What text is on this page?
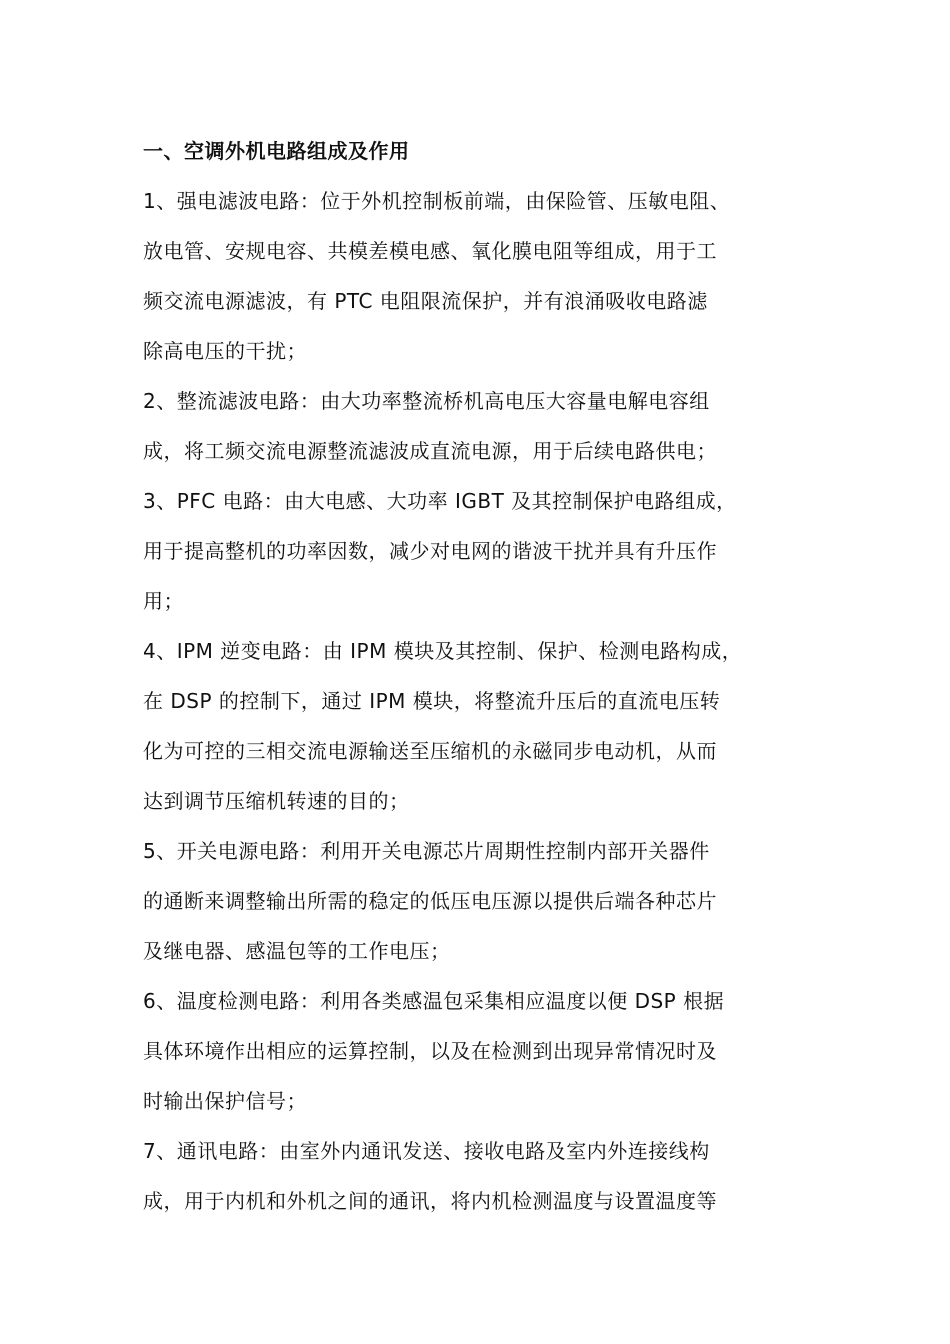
一、空调外机电路组成及作用
1、强电滤波电路：位于外机控制板前端，由保险管、压敏电阻、
放电管、安规电容、共模差模电感、氧化膜电阻等组成，用于工
频交流电源滤波，有 PTC 电阻限流保护，并有浪涌吸收电路滤
除高电压的干扰；
2、整流滤波电路：由大功率整流桥机高电压大容量电解电容组
成，将工频交流电源整流滤波成直流电源，用于后续电路供电；
3、PFC 电路：由大电感、大功率 IGBT 及其控制保护电路组成，
用于提高整机的功率因数，减少对电网的谐波干扰并具有升压作
用；
4、IPM 逆变电路：由 IPM 模块及其控制、保护、检测电路构成，
在 DSP 的控制下，通过 IPM 模块，将整流升压后的直流电压转
化为可控的三相交流电源输送至压缩机的永磁同步电动机，从而
达到调节压缩机转速的目的；
5、开关电源电路：利用开关电源芯片周期性控制内部开关器件
的通断来调整输出所需的稳定的低压电压源以提供后端各种芯片
及继电器、感温包等的工作电压；
6、温度检测电路：利用各类感温包采集相应温度以便 DSP 根据
具体环境作出相应的运算控制，以及在检测到出现异常情况时及
时输出保护信号；
7、通讯电路：由室外内通讯发送、接收电路及室内外连接线构
成，用于内机和外机之间的通讯，将内机检测温度与设置温度等
